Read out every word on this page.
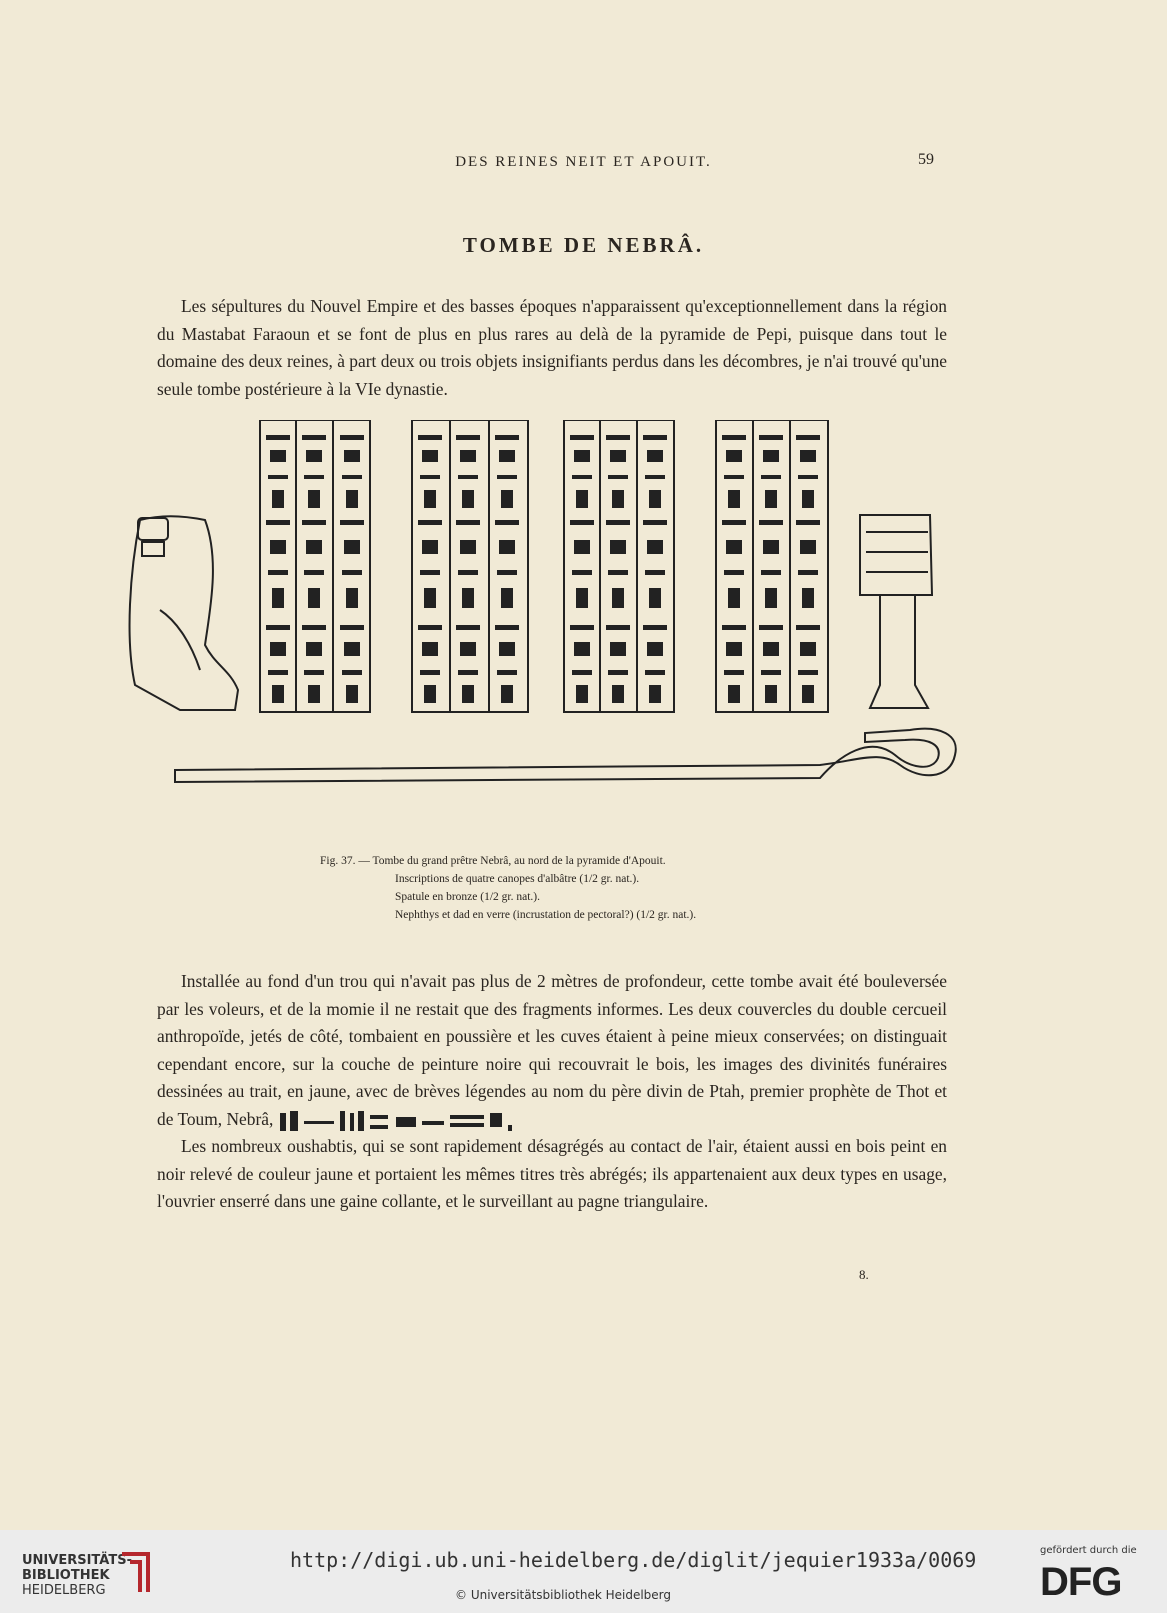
DES REINES NEIT ET APOUIT.	59
TOMBE DE NEBRÂ.

Les sépultures du Nouvel Empire et des basses époques n'apparaissent qu'exceptionnellement dans la région du Mastabat Faraoun et se font de plus en plus rares au delà de la pyramide de Pepi, puisque dans tout le domaine des deux reines, à part deux ou trois objets insignifiants perdus dans les décombres, je n'ai trouvé qu'une seule tombe postérieure à la VIe dynastie.

Fig. 37. — Tombe du grand prêtre Nebrâ, au nord de la pyramide d'Apouit.
Inscriptions de quatre canopes d'albâtre (1/2 gr. nat.).
Spatule en bronze (1/2 gr. nat.).
Nephthys et dad en verre (incrustation de pectoral?) (1/2 gr. nat.).

Installée au fond d'un trou qui n'avait pas plus de 2 mètres de profondeur, cette tombe avait été bouleversée par les voleurs, et de la momie il ne restait que des fragments informes. Les deux couvercles du double cercueil anthropoïde, jetés de côté, tombaient en poussière et les cuves étaient à peine mieux conservées; on distinguait cependant encore, sur la couche de peinture noire qui recouvrait le bois, les images des divinités funéraires dessinées au trait, en jaune, avec de brèves légendes au nom du père divin de Ptah, premier prophète de Thot et de Toum, Nebrâ,

Les nombreux oushabtis, qui se sont rapidement désagrégés au contact de l'air, étaient aussi en bois peint en noir relevé de couleur jaune et portaient les mêmes titres très abrégés; ils appartenaient aux deux types en usage, l'ouvrier enserré dans une gaine collante, et le surveillant au pagne triangulaire.

8.
UNIVERSITÄTS-
BIBLIOTHEK
HEIDELBERG
http://digi.ub.uni-heidelberg.de/diglit/jequier1933a/0069
© Universitätsbibliothek Heidelberg
gefördert durch die
DFG
